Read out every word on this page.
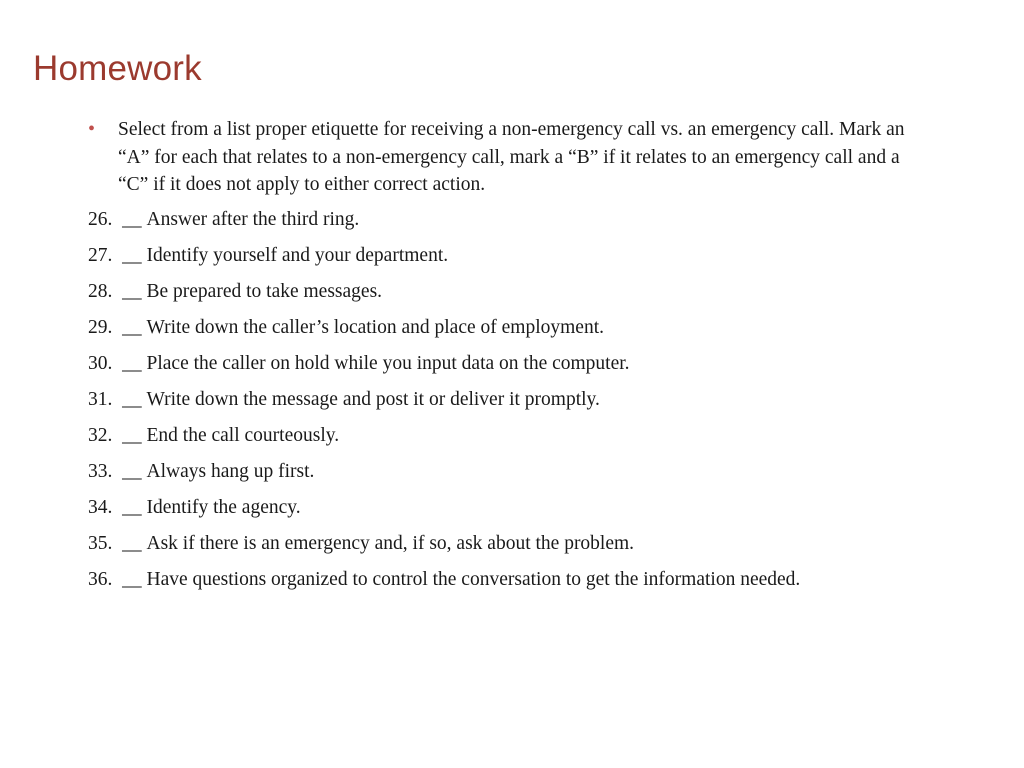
Homework
•	Select from a list proper etiquette for receiving a non-emergency call vs. an emergency call. Mark an “A” for each that relates to a non-emergency call, mark a “B” if it relates to an emergency call and a “C” if it does not apply to either correct action.
26. __ Answer after the third ring.
27. __ Identify yourself and your department.
28. __ Be prepared to take messages.
29. __ Write down the caller’s location and place of employment.
30. __ Place the caller on hold while you input data on the computer.
31. __ Write down the message and post it or deliver it promptly.
32. __ End the call courteously.
33. __ Always hang up first.
34. __ Identify the agency.
35. __ Ask if there is an emergency and, if so, ask about the problem.
36. __ Have questions organized to control the conversation to get the information needed.
